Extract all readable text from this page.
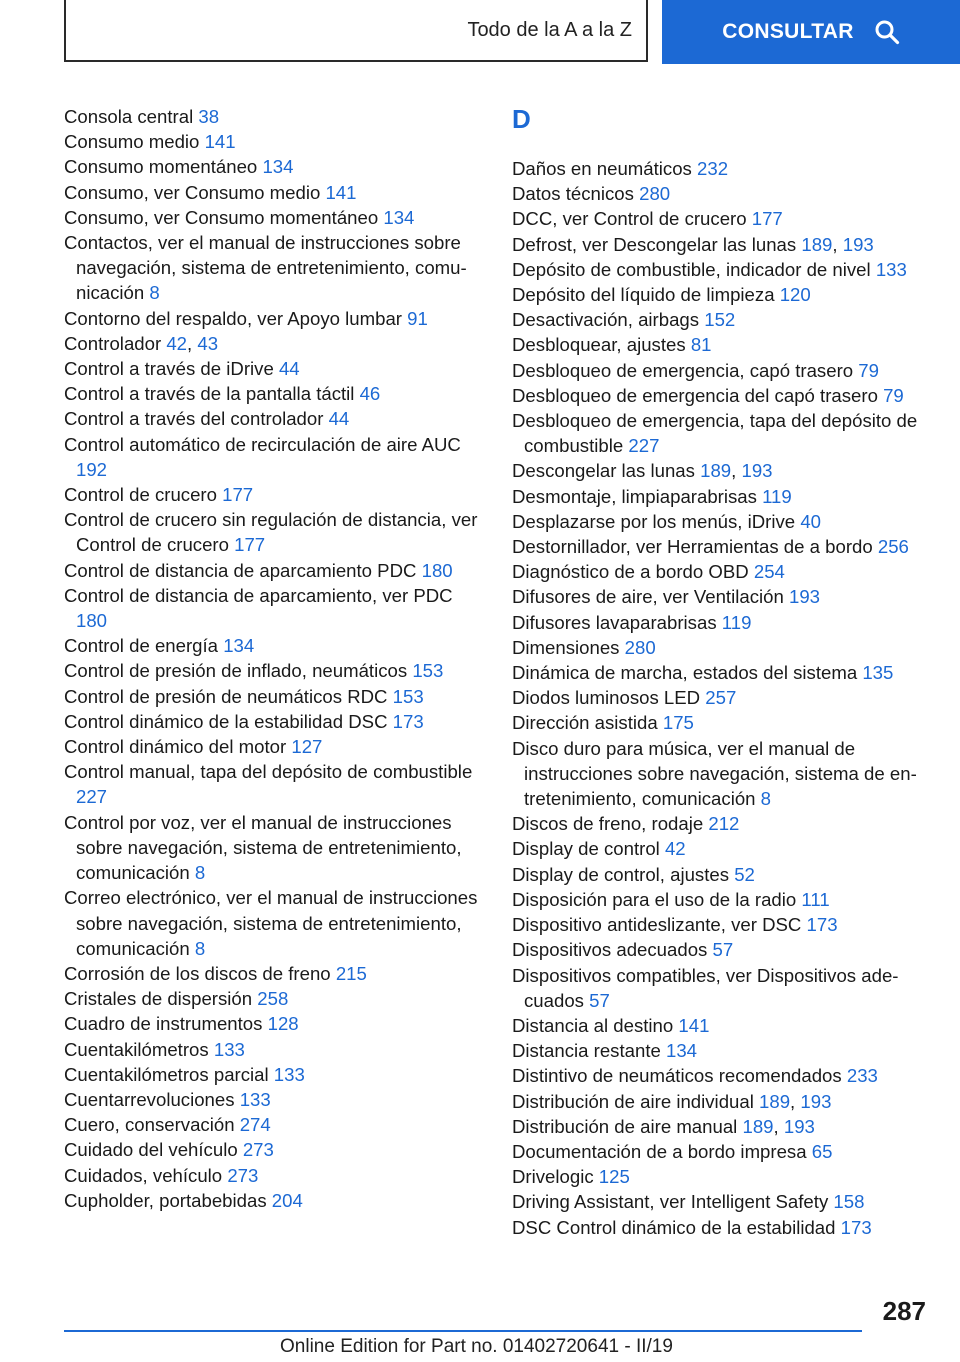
Todo de la A a la Z	CONSULTAR
Consola central 38
Consumo medio 141
Consumo momentáneo 134
Consumo, ver Consumo medio 141
Consumo, ver Consumo momentáneo 134
Contactos, ver el manual de instrucciones sobre navegación, sistema de entretenimiento, comunicación 8
Contorno del respaldo, ver Apoyo lumbar 91
Controlador 42, 43
Control a través de iDrive 44
Control a través de la pantalla táctil 46
Control a través del controlador 44
Control automático de recirculación de aire AUC 192
Control de crucero 177
Control de crucero sin regulación de distancia, ver Control de crucero 177
Control de distancia de aparcamiento PDC 180
Control de distancia de aparcamiento, ver PDC 180
Control de energía 134
Control de presión de inflado, neumáticos 153
Control de presión de neumáticos RDC 153
Control dinámico de la estabilidad DSC 173
Control dinámico del motor 127
Control manual, tapa del depósito de combustible 227
Control por voz, ver el manual de instrucciones sobre navegación, sistema de entretenimiento, comunicación 8
Correo electrónico, ver el manual de instrucciones sobre navegación, sistema de entretenimiento, comunicación 8
Corrosión de los discos de freno 215
Cristales de dispersión 258
Cuadro de instrumentos 128
Cuentakilómetros 133
Cuentakilómetros parcial 133
Cuentarrevoluciones 133
Cuero, conservación 274
Cuidado del vehículo 273
Cuidados, vehículo 273
Cupholder, portabebidas 204
D
Daños en neumáticos 232
Datos técnicos 280
DCC, ver Control de crucero 177
Defrost, ver Descongelar las lunas 189, 193
Depósito de combustible, indicador de nivel 133
Depósito del líquido de limpieza 120
Desactivación, airbags 152
Desbloquear, ajustes 81
Desbloqueo de emergencia, capó trasero 79
Desbloqueo de emergencia del capó trasero 79
Desbloqueo de emergencia, tapa del depósito de combustible 227
Descongelar las lunas 189, 193
Desmontaje, limpiaparabrisas 119
Desplazarse por los menús, iDrive 40
Destornillador, ver Herramientas de a bordo 256
Diagnóstico de a bordo OBD 254
Difusores de aire, ver Ventilación 193
Difusores lavaparabrisas 119
Dimensiones 280
Dinámica de marcha, estados del sistema 135
Diodos luminosos LED 257
Dirección asistida 175
Disco duro para música, ver el manual de instrucciones sobre navegación, sistema de entretenimiento, comunicación 8
Discos de freno, rodaje 212
Display de control 42
Display de control, ajustes 52
Disposición para el uso de la radio 111
Dispositivo antideslizante, ver DSC 173
Dispositivos adecuados 57
Dispositivos compatibles, ver Dispositivos adecuados 57
Distancia al destino 141
Distancia restante 134
Distintivo de neumáticos recomendados 233
Distribución de aire individual 189, 193
Distribución de aire manual 189, 193
Documentación de a bordo impresa 65
Drivelogic 125
Driving Assistant, ver Intelligent Safety 158
DSC Control dinámico de la estabilidad 173
287
Online Edition for Part no. 01402720641 - II/19
